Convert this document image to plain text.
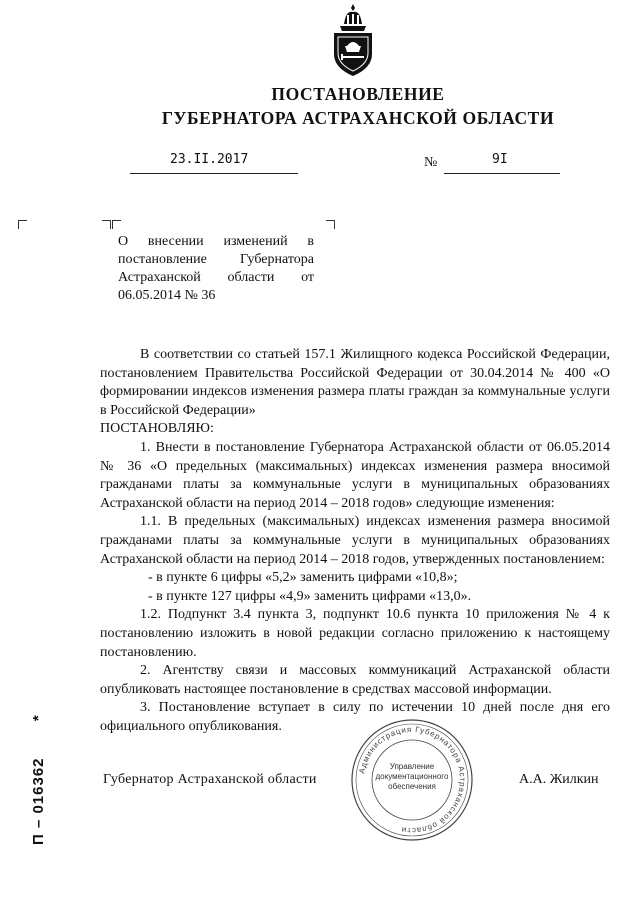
ПОСТАНОВЛЕНИЕ
ГУБЕРНАТОРА АСТРАХАНСКОЙ ОБЛАСТИ
23.II.2017	№	9I
О внесении изменений в постановление Губернатора Астраханской области от 06.05.2014 № 36

В соответствии со статьей 157.1 Жилищного кодекса Российской Федерации, постановлением Правительства Российской Федерации от 30.04.2014 № 400 «О формировании индексов изменения размера платы граждан за коммунальные услуги в Российской Федерации»

ПОСТАНОВЛЯЮ:

1. Внести в постановление Губернатора Астраханской области от 06.05.2014 № 36 «О предельных (максимальных) индексах изменения размера вносимой гражданами платы за коммунальные услуги в муниципальных образованиях Астраханской области на период 2014 – 2018 годов» следующие изменения:

1.1. В предельных (максимальных) индексах изменения размера вносимой гражданами платы за коммунальные услуги в муниципальных образованиях Астраханской области на период 2014 – 2018 годов, утвержденных постановлением:

- в пункте 6 цифры «5,2» заменить цифрами «10,8»;

- в пункте 127 цифры «4,9» заменить цифрами «13,0».

1.2. Подпункт 3.4 пункта 3, подпункт 10.6 пункта 10 приложения № 4 к постановлению изложить в новой редакции согласно приложению к настоящему постановлению.

2. Агентству связи и массовых коммуникаций Астраханской области опубликовать настоящее постановление в средствах массовой информации.

3. Постановление вступает в силу по истечении 10 дней после дня его официального опубликования.

Администрация Губернатора Астраханской области
Управление документационного обеспечения
Губернатор Астраханской области	А.А. Жилкин
П – 016362  *
